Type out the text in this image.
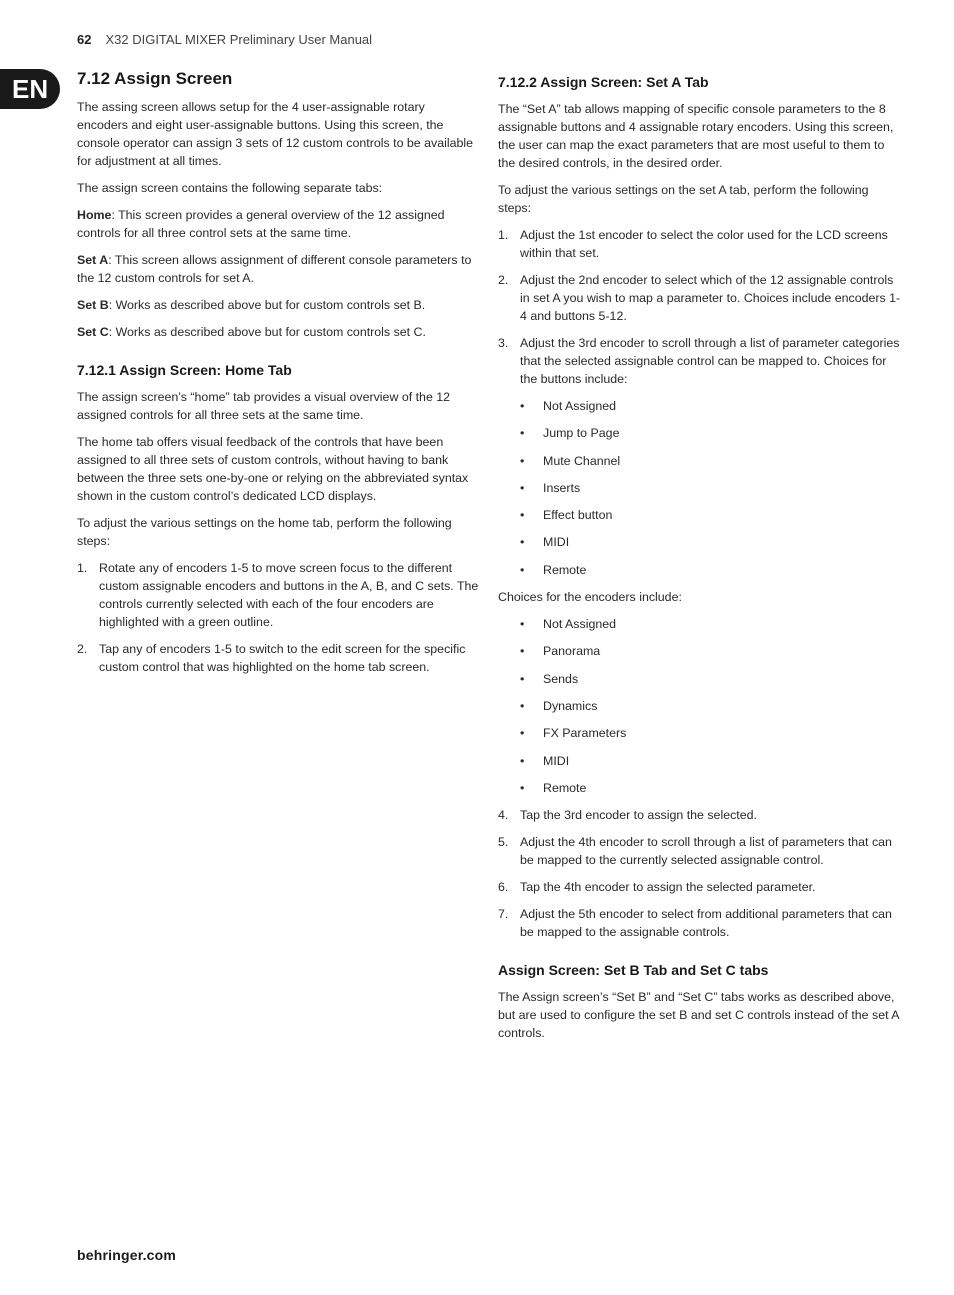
62 X32 DIGITAL MIXER Preliminary User Manual
EN	7.12 Assign Screen

The assing screen allows setup for the 4 user-assignable rotary encoders and eight user-assignable buttons. Using this screen, the console operator can assign 3 sets of 12 custom controls to be available for adjustment at all times.

The assign screen contains the following separate tabs:

Home: This screen provides a general overview of the 12 assigned controls for all three control sets at the same time.

Set A: This screen allows assignment of different console parameters to the 12 custom controls for set A.

Set B: Works as described above but for custom controls set B.

Set C: Works as described above but for custom controls set C.

7.12.1 Assign Screen: Home Tab

The assign screen’s “home” tab provides a visual overview of the 12 assigned controls for all three sets at the same time.

The home tab offers visual feedback of the controls that have been assigned to all three sets of custom controls, without having to bank between the three sets one-by-one or relying on the abbreviated syntax shown in the custom control’s dedicated LCD displays.

To adjust the various settings on the home tab, perform the following steps:

1. Rotate any of encoders 1-5 to move screen focus to the different custom assignable encoders and buttons in the A, B, and C sets. The controls currently selected with each of the four encoders are highlighted with a green outline.
2. Tap any of encoders 1-5 to switch to the edit screen for the specific custom control that was highlighted on the home tab screen.
7.12.2 Assign Screen: Set A Tab

The “Set A” tab allows mapping of specific console parameters to the 8 assignable buttons and 4 assignable rotary encoders. Using this screen, the user can map the exact parameters that are most useful to them to the desired controls, in the desired order.

To adjust the various settings on the set A tab, perform the following steps:

1. Adjust the 1st encoder to select the color used for the LCD screens within that set.
2. Adjust the 2nd encoder to select which of the 12 assignable controls in set A you wish to map a parameter to. Choices include encoders 1-4 and buttons 5-12.
3. Adjust the 3rd encoder to scroll through a list of parameter categories that the selected assignable control can be mapped to. Choices for the buttons include:
• Not Assigned
• Jump to Page
• Mute Channel
• Inserts
• Effect button
• MIDI
• Remote

Choices for the encoders include:

• Not Assigned
• Panorama
• Sends
• Dynamics
• FX Parameters
• MIDI
• Remote
4. Tap the 3rd encoder to assign the selected.
5. Adjust the 4th encoder to scroll through a list of parameters that can be mapped to the currently selected assignable control.
6. Tap the 4th encoder to assign the selected parameter.
7. Adjust the 5th encoder to select from additional parameters that can be mapped to the assignable controls.
Assign Screen: Set B Tab and Set C tabs

The Assign screen’s “Set B” and “Set C” tabs works as described above, but are used to configure the set B and set C controls instead of the set A controls.

behringer.com
